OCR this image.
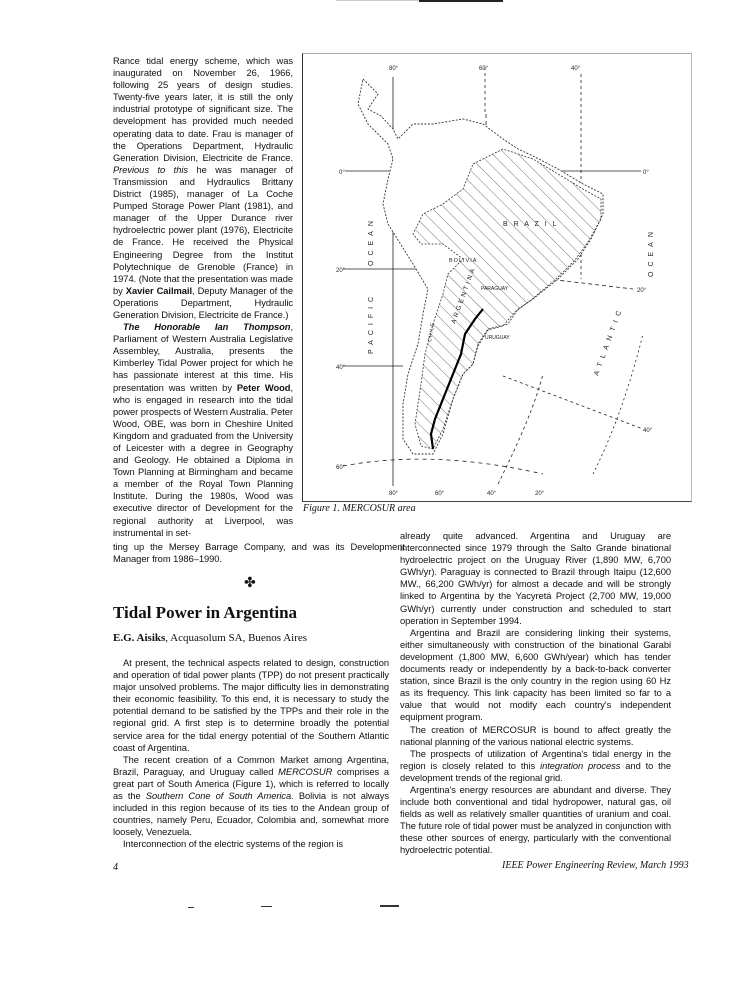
Rance tidal energy scheme, which was inaugurated on November 26, 1966, following 25 years of design studies. Twenty-five years later, it is still the only industrial prototype of significant size. The development has provided much needed operating data to date. Frau is manager of the Operations Department, Hydraulic Generation Division, Electricite de France. Previous to this he was manager of Transmission and Hydraulics Brittany District (1985), manager of La Coche Pumped Storage Power Plant (1981), and manager of the Upper Durance river hydroelectric power plant (1976), Electricite de France. He received the Physical Engineering Degree from the Institut Polytechnique de Grenoble (France) in 1974. (Note that the presentation was made by Xavier Cailmail, Deputy Manager of the Operations Department, Hydraulic Generation Division, Electricite de France.)

The Honorable Ian Thompson, Parliament of Western Australia Legislative Assembley, Australia, presents the Kimberley Tidal Power project for which he has passionate interest at this time. His presentation was written by Peter Wood, who is engaged in research into the tidal power prospects of Western Australia. Peter Wood, OBE, was born in Cheshire United Kingdom and graduated from the University of Leicester with a degree in Geography and Geology. He obtained a Diploma in Town Planning at Birmingham and became a member of the Royal Town Planning Institute. During the 1980s, Wood was executive director of Development for the regional authority at Liverpool, was instrumental in set-

ting up the Mersey Barrage Company, and was its Development Manager from 1986–1990.
✤
Tidal Power in Argentina
E.G. Aisiks, Acquasolum SA, Buenos Aires

At present, the technical aspects related to design, construction and operation of tidal power plants (TPP) do not present practically major unsolved problems. The major difficulty lies in demonstrating their economic feasibility. To this end, it is necessary to study the potential demand to be satisfied by the TPPs and their role in the regional grid. A first step is to determine broadly the potential service area for the tidal energy potential of the Southern Atlantic coast of Argentina.

The recent creation of a Common Market among Argentina, Brazil, Paraguay, and Uruguay called MERCOSUR comprises a great part of South America (Figure 1), which is referred to locally as the Southern Cone of South America. Bolivia is not always included in this region because of its ties to the Andean group of countries, namely Peru, Ecuador, Colombia and, somewhat more loosely, Venezuela.

Interconnection of the electric systems of the region is

already quite advanced. Argentina and Uruguay are interconnected since 1979 through the Salto Grande binational hydroelectric project on the Uruguay River (1,890 MW, 6,700 GWh/yr). Paraguay is connected to Brazil through Itaipu (12,600 MW., 66,200 GWh/yr) for almost a decade and will be strongly linked to Argentina by the Yacyretá Project (2,700 MW, 19,000 GWh/yr) currently under construction and scheduled to start operation in September 1994.

Argentina and Brazil are considering linking their systems, either simultaneously with construction of the binational Garabi development (1,800 MW, 6,600 GWh/year) which has tender documents ready or independently by a back-to-back converter station, since Brazil is the only country in the region using 60 Hz as its frequency. This link capacity has been limited so far to a value that would not modify each country's independent equipment program.

The creation of MERCOSUR is bound to affect greatly the national planning of the various national electric systems.

The prospects of utilization of Argentina's tidal energy in the region is closely related to this integration process and to the development trends of the regional grid.

Argentina's energy resources are abundant and diverse. They include both conventional and tidal hydropower, natural gas, oil fields as well as relatively smaller quantities of uranium and coal. The future role of tidal power must be analyzed in conjunction with these other sources of energy, particularly with the conventional hydroelectric potential.

80°	60°	40°
0°	0°
20°
20°
40°
40°
60°
80°	60°	40°	20°
B R A Z I L
BOLIVIA
PARAGUAY
URUGUAY
ARGENTINA
CHILE
PACIFIC
OCEAN
ATLANTIC
OCEAN
Figure 1. MERCOSUR area
4	IEEE Power Engineering Review, March 1993
